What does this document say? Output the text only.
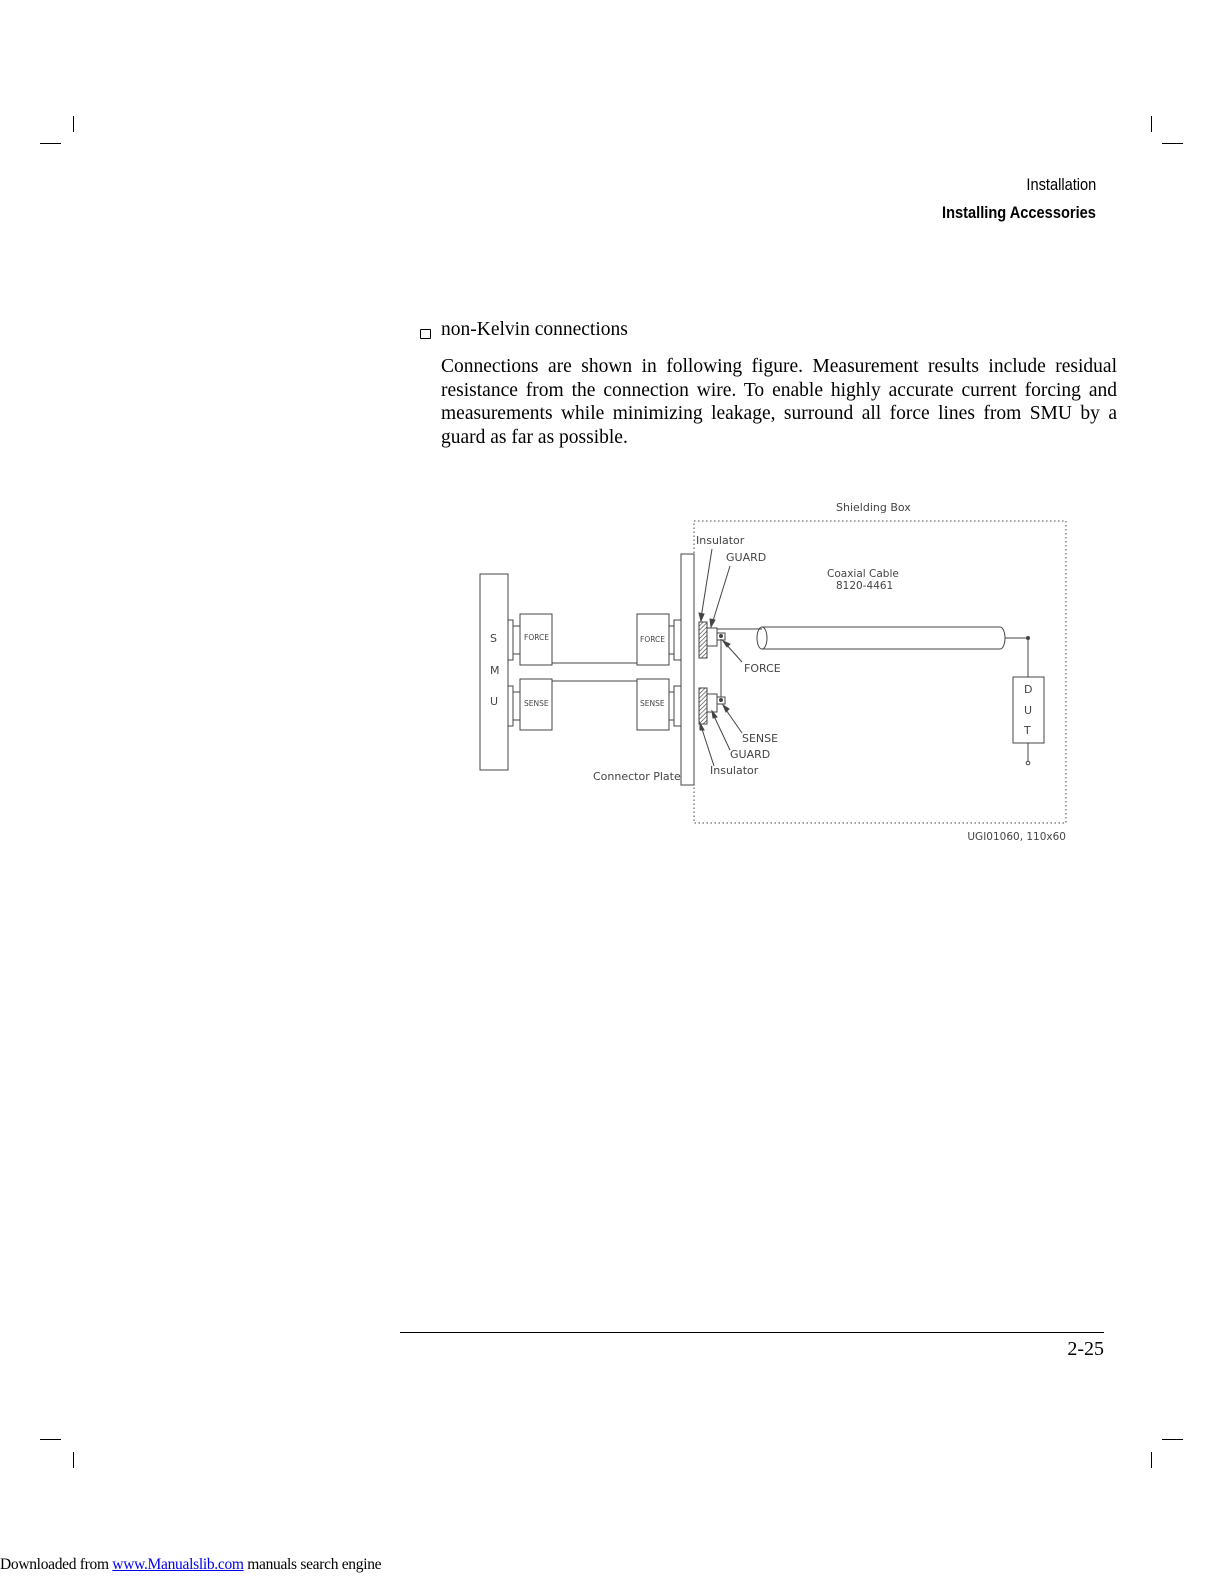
Installation
Installing Accessories
non-Kelvin connections
Connections are shown in following figure. Measurement results include residual resistance from the connection wire. To enable highly accurate current forcing and measurements while minimizing leakage, surround all force lines from SMU by a guard as far as possible.
Shielding Box
S
M
U
FORCE
SENSE
FORCE
SENSE
Connector Plate
Coaxial Cable
8120-4461
D
U
T
Insulator
GUARD
FORCE
SENSE
GUARD
Insulator
UGI01060, 110x60
2-25
Downloaded from www.Manualslib.com manuals search engine
